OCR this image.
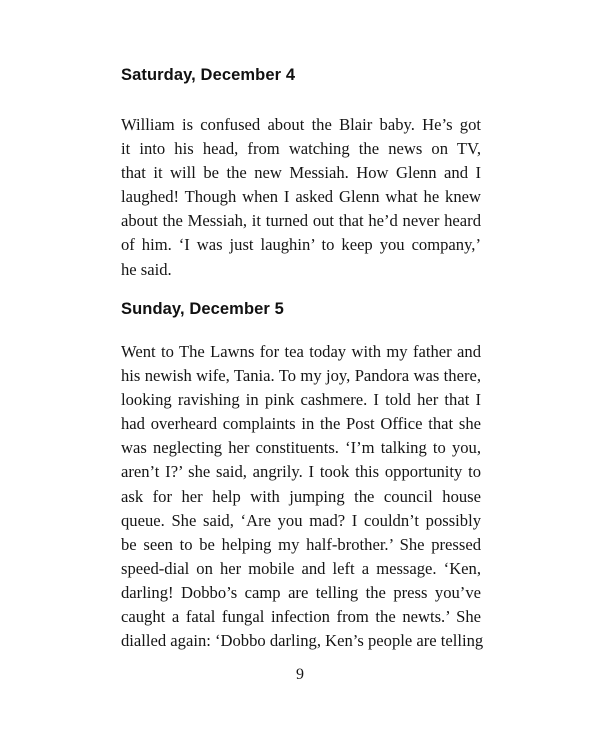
Saturday, December 4
William is confused about the Blair baby. He’s got
it into his head, from watching the news on TV,
that it will be the new Messiah. How Glenn and I
laughed! Though when I asked Glenn what he knew
about the Messiah, it turned out that he’d never heard
of him. ‘I was just laughin’ to keep you company,’
he said.
Sunday, December 5
Went to The Lawns for tea today with my father and
his newish wife, Tania. To my joy, Pandora was there,
looking ravishing in pink cashmere. I told her that I
had overheard complaints in the Post Office that she
was neglecting her constituents. ‘I’m talking to you,
aren’t I?’ she said, angrily. I took this opportunity to
ask for her help with jumping the council house
queue. She said, ‘Are you mad? I couldn’t possibly
be seen to be helping my half-brother.’ She pressed
speed-dial on her mobile and left a message. ‘Ken,
darling! Dobbo’s camp are telling the press you’ve
caught a fatal fungal infection from the newts.’ She
dialled again: ‘Dobbo darling, Ken’s people are telling
9
